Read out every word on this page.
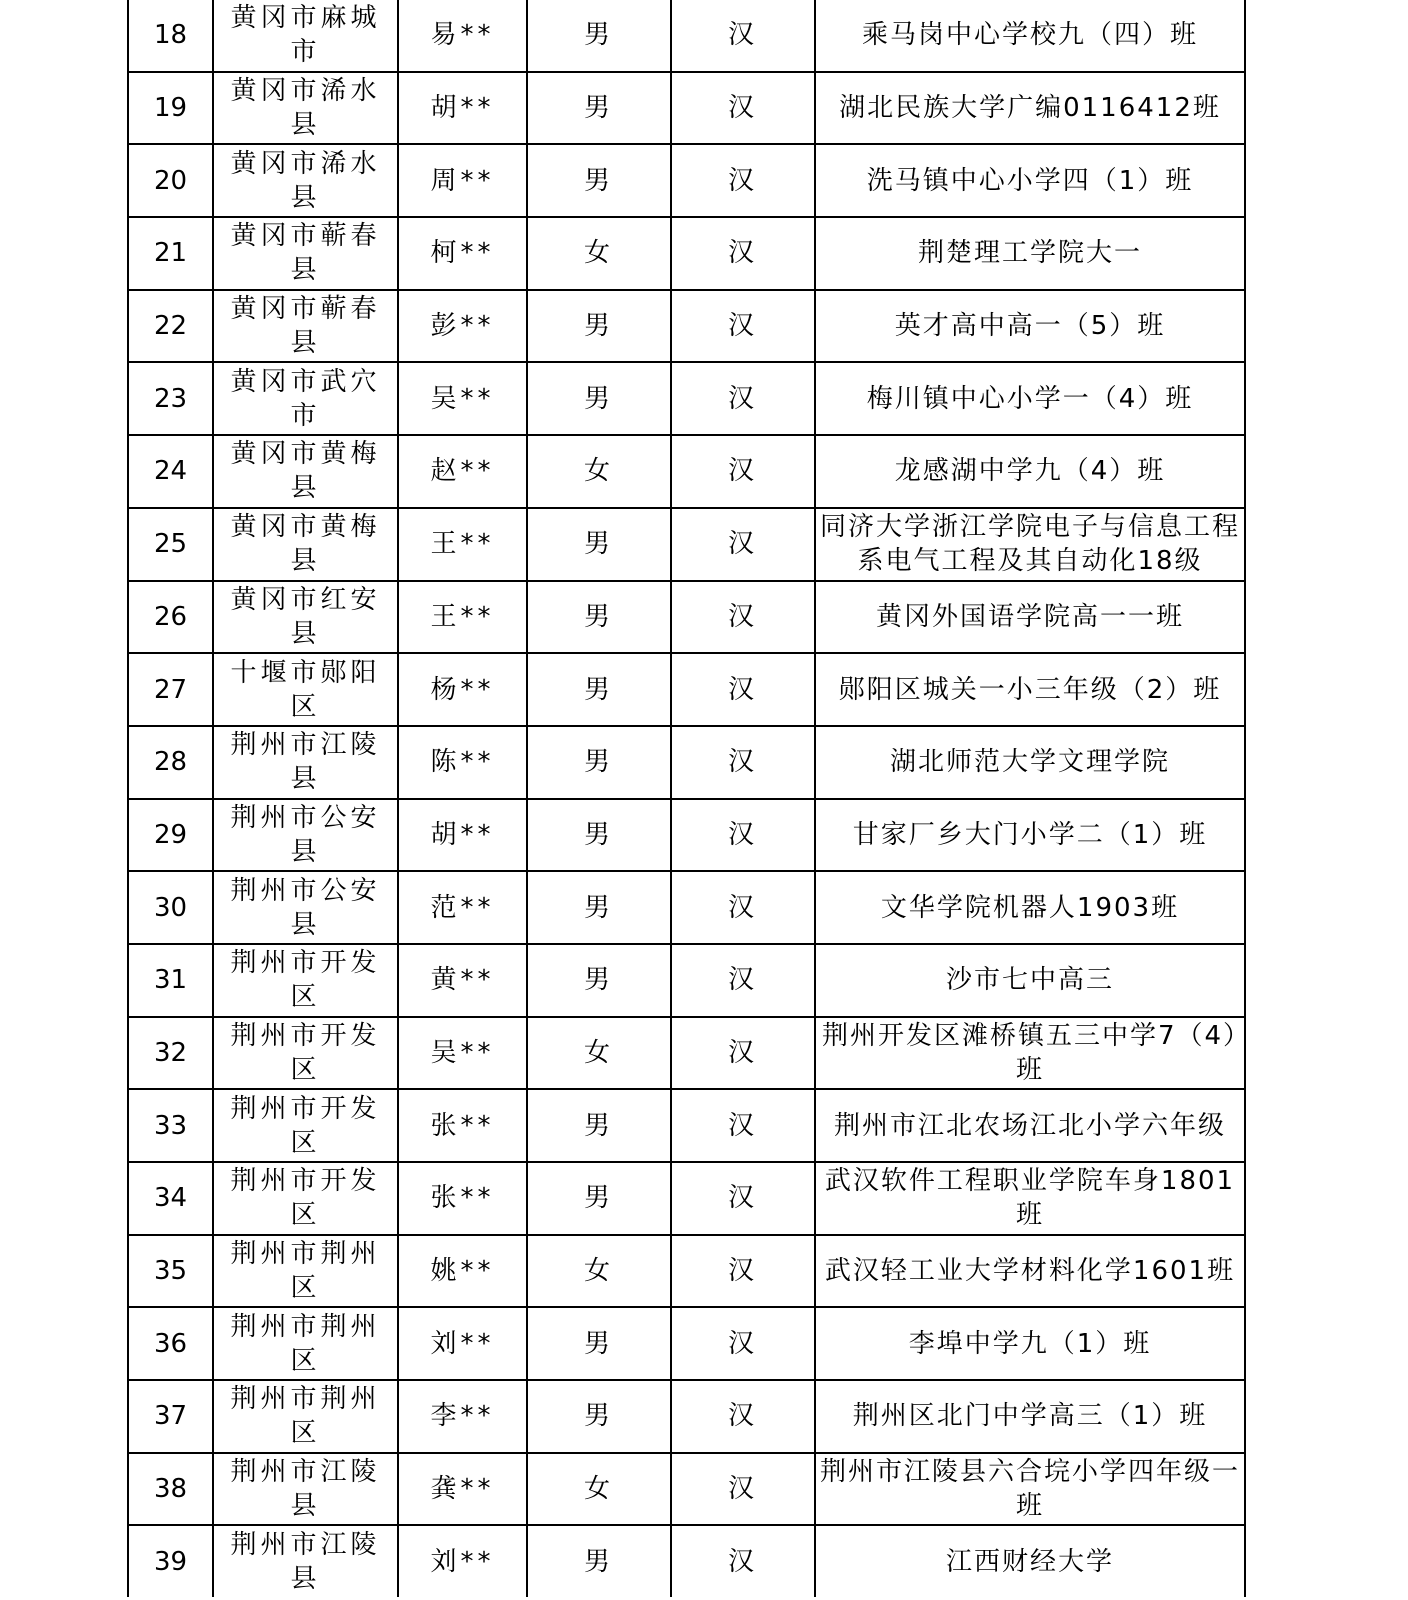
18	黄冈市麻城市	易**	男	汉	乘马岗中心学校九（四）班
19	黄冈市浠水县	胡**	男	汉	湖北民族大学广编0116412班
20	黄冈市浠水县	周**	男	汉	洗马镇中心小学四（1）班
21	黄冈市蕲春县	柯**	女	汉	荆楚理工学院大一
22	黄冈市蕲春县	彭**	男	汉	英才高中高一（5）班
23	黄冈市武穴市	吴**	男	汉	梅川镇中心小学一（4）班
24	黄冈市黄梅县	赵**	女	汉	龙感湖中学九（4）班
25	黄冈市黄梅县	王**	男	汉	同济大学浙江学院电子与信息工程系电气工程及其自动化18级
26	黄冈市红安县	王**	男	汉	黄冈外国语学院高一一班
27	十堰市郧阳区	杨**	男	汉	郧阳区城关一小三年级（2）班
28	荆州市江陵县	陈**	男	汉	湖北师范大学文理学院
29	荆州市公安县	胡**	男	汉	甘家厂乡大门小学二（1）班
30	荆州市公安县	范**	男	汉	文华学院机器人1903班
31	荆州市开发区	黄**	男	汉	沙市七中高三
32	荆州市开发区	吴**	女	汉	荆州开发区滩桥镇五三中学7（4）班
33	荆州市开发区	张**	男	汉	荆州市江北农场江北小学六年级
34	荆州市开发区	张**	男	汉	武汉软件工程职业学院车身1801班
35	荆州市荆州区	姚**	女	汉	武汉轻工业大学材料化学1601班
36	荆州市荆州区	刘**	男	汉	李埠中学九（1）班
37	荆州市荆州区	李**	男	汉	荆州区北门中学高三（1）班
38	荆州市江陵县	龚**	女	汉	荆州市江陵县六合垸小学四年级一班
39	荆州市江陵县	刘**	男	汉	江西财经大学
